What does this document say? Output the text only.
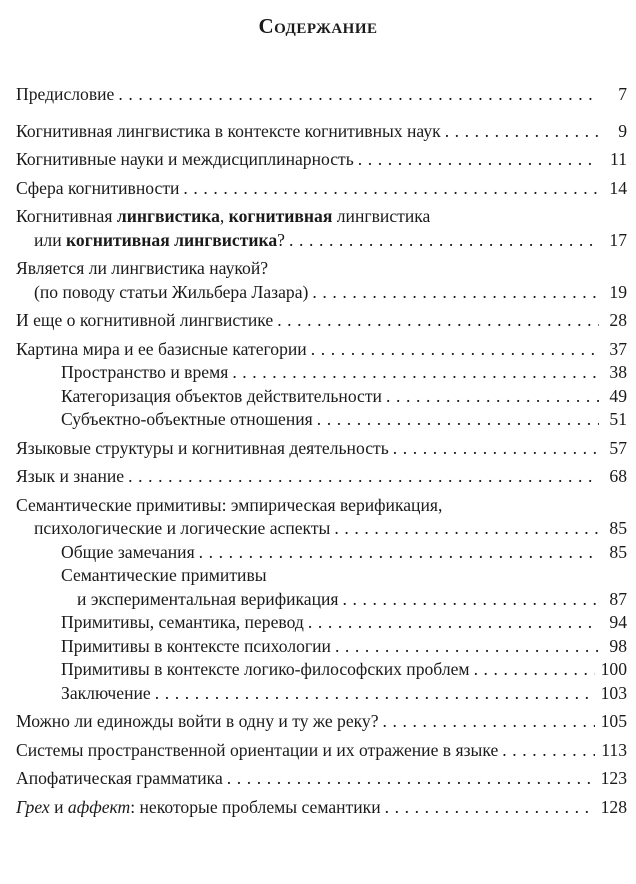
Содержание
Предисловие . . .	7
Когнитивная лингвистика в контексте когнитивных наук . . .	9
Когнитивные науки и междисциплинарность . . .	11
Сфера когнитивности . . .	14
Когнитивная лингвистика, когнитивная лингвистика
или когнитивная лингвистика? . . .	17
Является ли лингвистика наукой?
(по поводу статьи Жильбера Лазара) . . .	19
И еще о когнитивной лингвистике . . .	28
Картина мира и ее базисные категории . . .	37
Пространство и время . . .	38
Категоризация объектов действительности . . .	49
Субъектно-объектные отношения . . .	51
Языковые структуры и когнитивная деятельность . . .	57
Язык и знание . . .	68
Семантические примитивы: эмпирическая верификация,
психологические и логические аспекты . . .	85
Общие замечания . . .	85
Семантические примитивы
и экспериментальная верификация . . .	87
Примитивы, семантика, перевод . . .	94
Примитивы в контексте психологии . . .	98
Примитивы в контексте логико-философских проблем . . .	100
Заключение . . .	103
Можно ли единожды войти в одну и ту же реку? . . .	105
Системы пространственной ориентации и их отражение в языке . . .	113
Апофатическая грамматика . . .	123
Грех и аффект: некоторые проблемы семантики . . .	128
